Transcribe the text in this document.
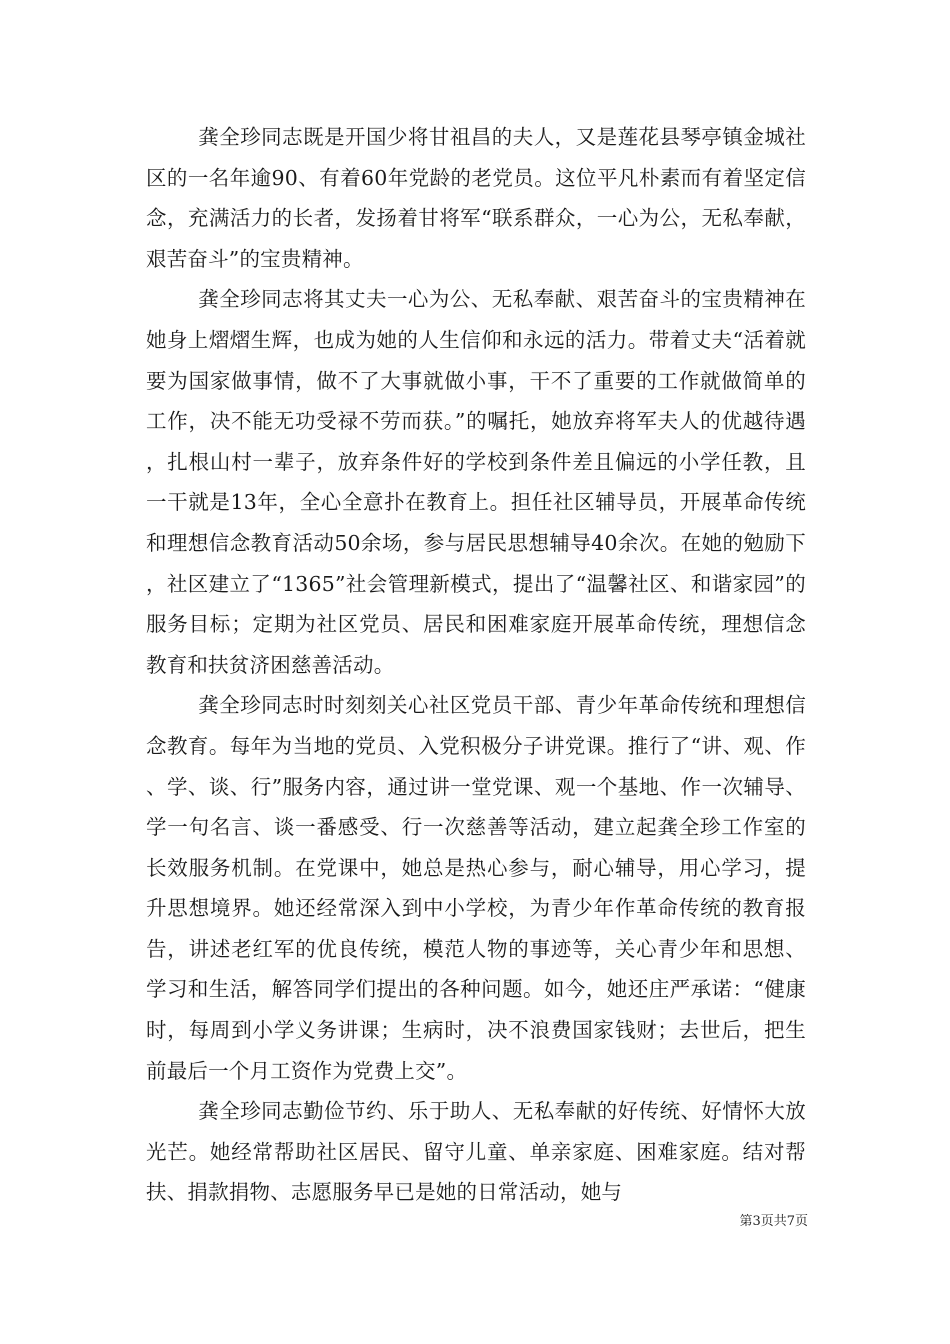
龚全珍同志既是开国少将甘祖昌的夫人，又是莲花县琴亭镇金城社区的一名年逾90、有着60年党龄的老党员。这位平凡朴素而有着坚定信念，充满活力的长者，发扬着甘将军“联系群众，一心为公，无私奉献，艰苦奋斗”的宝贵精神。

龚全珍同志将其丈夫一心为公、无私奉献、艰苦奋斗的宝贵精神在她身上熠熠生辉，也成为她的人生信仰和永远的活力。带着丈夫“活着就要为国家做事情，做不了大事就做小事，干不了重要的工作就做简单的工作，决不能无功受禄不劳而获。”的嘱托，她放弃将军夫人的优越待遇，扎根山村一辈子，放弃条件好的学校到条件差且偏远的小学任教，且一干就是13年，全心全意扑在教育上。担任社区辅导员，开展革命传统和理想信念教育活动50余场，参与居民思想辅导40余次。在她的勉励下，社区建立了“1365”社会管理新模式，提出了“温馨社区、和谐家园”的服务目标；定期为社区党员、居民和困难家庭开展革命传统，理想信念教育和扶贫济困慈善活动。

龚全珍同志时时刻刻关心社区党员干部、青少年革命传统和理想信念教育。每年为当地的党员、入党积极分子讲党课。推行了“讲、观、作、学、谈、行”服务内容，通过讲一堂党课、观一个基地、作一次辅导、学一句名言、谈一番感受、行一次慈善等活动，建立起龚全珍工作室的长效服务机制。在党课中，她总是热心参与，耐心辅导，用心学习，提升思想境界。她还经常深入到中小学校，为青少年作革命传统的教育报告，讲述老红军的优良传统，模范人物的事迹等，关心青少年和思想、学习和生活，解答同学们提出的各种问题。如今，她还庄严承诺：“健康时，每周到小学义务讲课；生病时，决不浪费国家钱财；去世后，把生前最后一个月工资作为党费上交”。

龚全珍同志勤俭节约、乐于助人、无私奉献的好传统、好情怀大放光芒。她经常帮助社区居民、留守儿童、单亲家庭、困难家庭。结对帮扶、捐款捐物、志愿服务早已是她的日常活动，她与

第3页共7页
